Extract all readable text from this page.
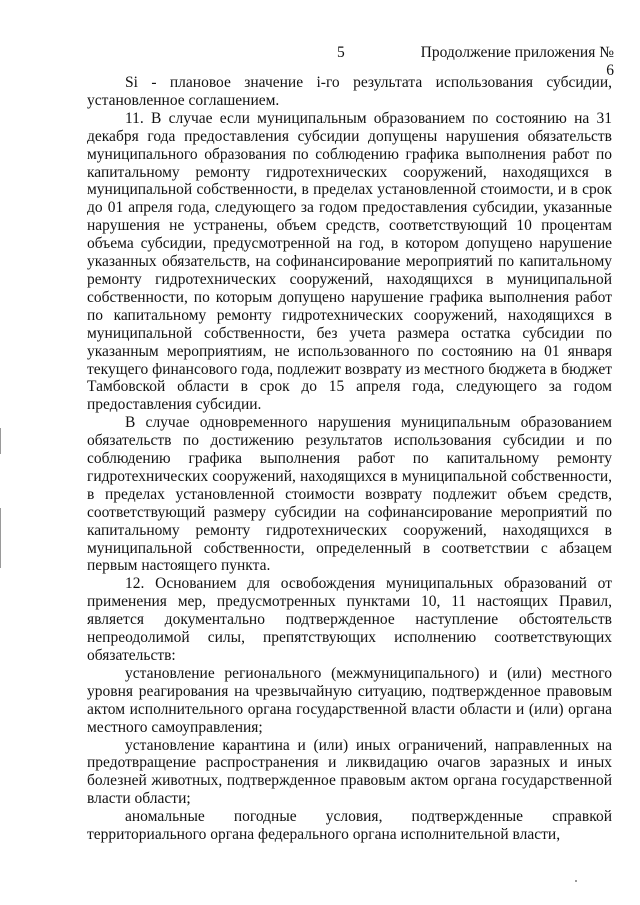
5	Продолжение приложения № 6

Si - плановое значение i-го результата использования субсидии, установленное соглашением.

11. В случае если муниципальным образованием по состоянию на 31 декабря года предоставления субсидии допущены нарушения обязательств муниципального образования по соблюдению графика выполнения работ по капитальному ремонту гидротехнических сооружений, находящихся в муниципальной собственности, в пределах установленной стоимости, и в срок до 01 апреля года, следующего за годом предоставления субсидии, указанные нарушения не устранены, объем средств, соответствующий 10 процентам объема субсидии, предусмотренной на год, в котором допущено нарушение указанных обязательств, на софинансирование мероприятий по капитальному ремонту гидротехнических сооружений, находящихся в муниципальной собственности, по которым допущено нарушение графика выполнения работ по капитальному ремонту гидротехнических сооружений, находящихся в муниципальной собственности, без учета размера остатка субсидии по указанным мероприятиям, не использованного по состоянию на 01 января текущего финансового года, подлежит возврату из местного бюджета в бюджет Тамбовской области в срок до 15 апреля года, следующего за годом предоставления субсидии.

В случае одновременного нарушения муниципальным образованием обязательств по достижению результатов использования субсидии и по соблюдению графика выполнения работ по капитальному ремонту гидротехнических сооружений, находящихся в муниципальной собственности, в пределах установленной стоимости возврату подлежит объем средств, соответствующий размеру субсидии на софинансирование мероприятий по капитальному ремонту гидротехнических сооружений, находящихся в муниципальной собственности, определенный в соответствии с абзацем первым настоящего пункта.

12. Основанием для освобождения муниципальных образований от применения мер, предусмотренных пунктами 10, 11 настоящих Правил, является документально подтвержденное наступление обстоятельств непреодолимой силы, препятствующих исполнению соответствующих обязательств:

установление регионального (межмуниципального) и (или) местного уровня реагирования на чрезвычайную ситуацию, подтвержденное правовым актом исполнительного органа государственной власти области и (или) органа местного самоуправления;

установление карантина и (или) иных ограничений, направленных на предотвращение распространения и ликвидацию очагов заразных и иных болезней животных, подтвержденное правовым актом органа государственной власти области;

аномальные погодные условия, подтвержденные справкой территориального органа федерального органа исполнительной власти,
